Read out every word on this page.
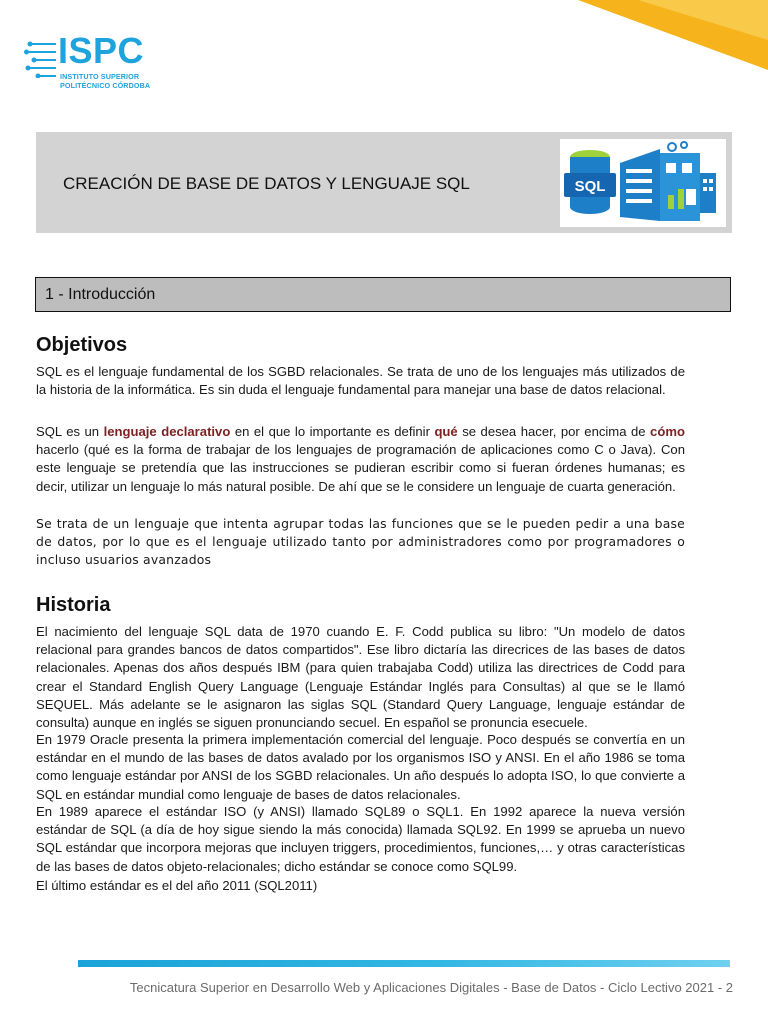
ISPC
INSTITUTO SUPERIOR
POLITÉCNICO CÓRDOBA
CREACIÓN DE BASE DE DATOS Y LENGUAJE SQL	SQL
1 - Introducción
Objetivos

SQL es el lenguaje fundamental de los SGBD relacionales. Se trata de uno de los lenguajes más utilizados de la historia de la informática. Es sin duda el lenguaje fundamental para manejar una base de datos relacional.

SQL es un lenguaje declarativo en el que lo importante es definir qué se desea hacer, por encima de cómo hacerlo (qué es la forma de trabajar de los lenguajes de programación de aplicaciones como C o Java). Con este lenguaje se pretendía que las instrucciones se pudieran escribir como si fueran órdenes humanas; es decir, utilizar un lenguaje lo más natural posible. De ahí que se le considere un lenguaje de cuarta generación.

Se trata de un lenguaje que intenta agrupar todas las funciones que se le pueden pedir a una base de datos, por lo que es el lenguaje utilizado tanto por administradores como por programadores o incluso usuarios avanzados

Historia

El nacimiento del lenguaje SQL data de 1970 cuando E. F. Codd publica su libro: "Un modelo de datos relacional para grandes bancos de datos compartidos". Ese libro dictaría las direcrices de las bases de datos relacionales. Apenas dos años después IBM (para quien trabajaba Codd) utiliza las directrices de Codd para crear el Standard English Query Language (Lenguaje Estándar Inglés para Consultas) al que se le llamó SEQUEL. Más adelante se le asignaron las siglas SQL (Standard Query Language, lenguaje estándar de consulta) aunque en inglés se siguen pronunciando secuel. En español se pronuncia esecuele.

En 1979 Oracle presenta la primera implementación comercial del lenguaje. Poco después se convertía en un estándar en el mundo de las bases de datos avalado por los organismos ISO y ANSI. En el año 1986 se toma como lenguaje estándar por ANSI de los SGBD relacionales. Un año después lo adopta ISO, lo que convierte a SQL en estándar mundial como lenguaje de bases de datos relacionales.

En 1989 aparece el estándar ISO (y ANSI) llamado SQL89 o SQL1. En 1992 aparece la nueva versión estándar de SQL (a día de hoy sigue siendo la más conocida) llamada SQL92. En 1999 se aprueba un nuevo SQL estándar que incorpora mejoras que incluyen triggers, procedimientos, funciones,… y otras características de las bases de datos objeto-relacionales; dicho estándar se conoce como SQL99.

El último estándar es el del año 2011 (SQL2011)

Tecnicatura Superior en Desarrollo Web y Aplicaciones Digitales - Base de Datos - Ciclo Lectivo 2021 - 2
